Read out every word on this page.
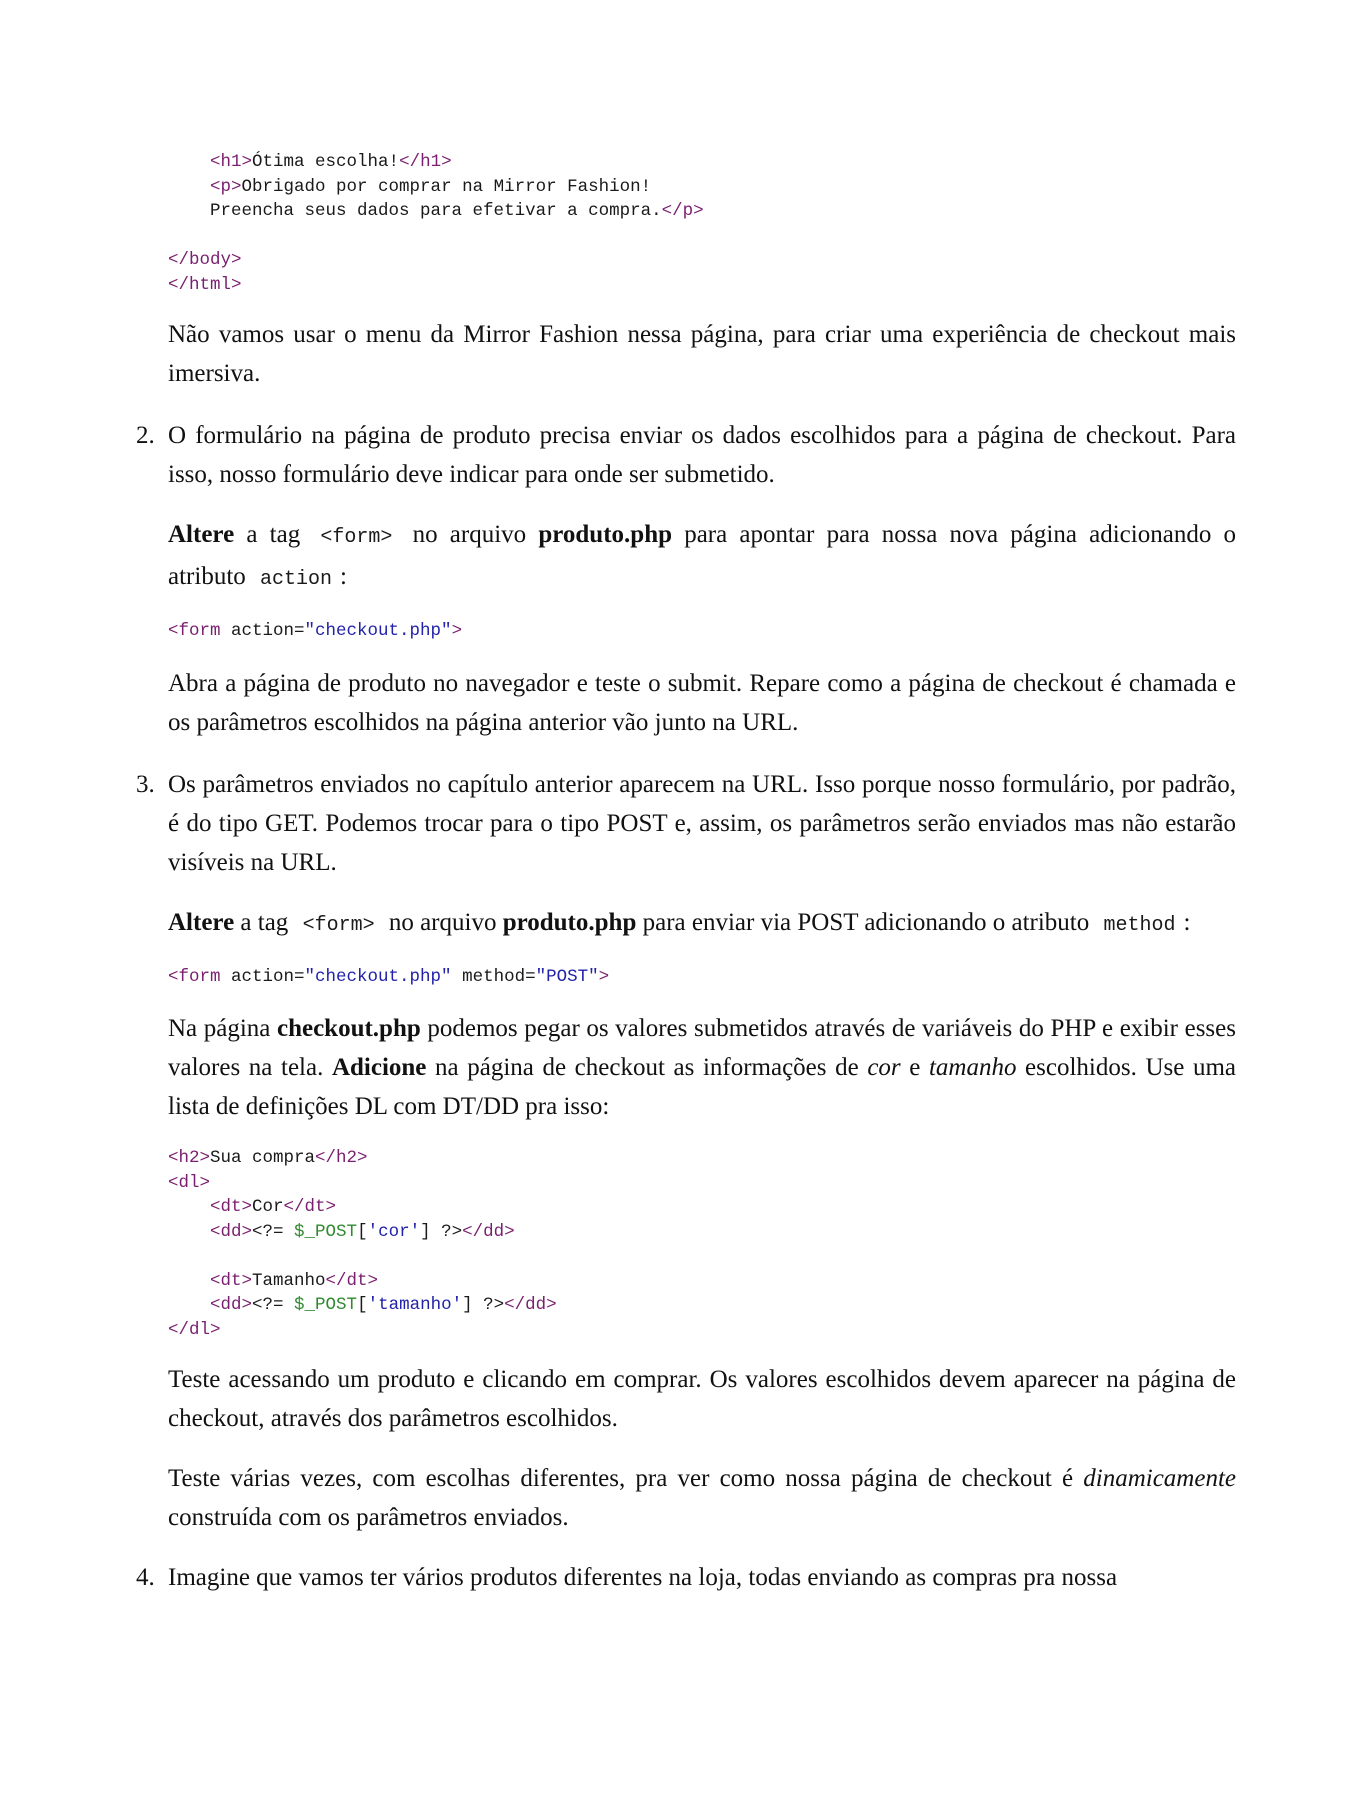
<h1>Ótima escolha!</h1>
<p>Obrigado por comprar na Mirror Fashion!
Preencha seus dados para efetivar a compra.</p>

</body>
</html>

Não vamos usar o menu da Mirror Fashion nessa página, para criar uma experiência de checkout mais imersiva.

2. O formulário na página de produto precisa enviar os dados escolhidos para a página de checkout. Para isso, nosso formulário deve indicar para onde ser submetido.

Altere a tag <form> no arquivo produto.php para apontar para nossa nova página adicionando o atributo action :

<form action="checkout.php">

Abra a página de produto no navegador e teste o submit. Repare como a página de checkout é chamada e os parâmetros escolhidos na página anterior vão junto na URL.

3. Os parâmetros enviados no capítulo anterior aparecem na URL. Isso porque nosso formulário, por padrão, é do tipo GET. Podemos trocar para o tipo POST e, assim, os parâmetros serão enviados mas não estarão visíveis na URL.

Altere a tag <form> no arquivo produto.php para enviar via POST adicionando o atributo method :

<form action="checkout.php" method="POST">

Na página checkout.php podemos pegar os valores submetidos através de variáveis do PHP e exibir esses valores na tela. Adicione na página de checkout as informações de cor e tamanho escolhidos. Use uma lista de definições DL com DT/DD pra isso:

<h2>Sua compra</h2>
<dl>
<dt>Cor</dt>
<dd><?= $_POST['cor'] ?></dd>

<dt>Tamanho</dt>
<dd><?= $_POST['tamanho'] ?></dd>
</dl>

Teste acessando um produto e clicando em comprar. Os valores escolhidos devem aparecer na página de checkout, através dos parâmetros escolhidos.

Teste várias vezes, com escolhas diferentes, pra ver como nossa página de checkout é dinamicamente construída com os parâmetros enviados.

4. Imagine que vamos ter vários produtos diferentes na loja, todas enviando as compras pra nossa
